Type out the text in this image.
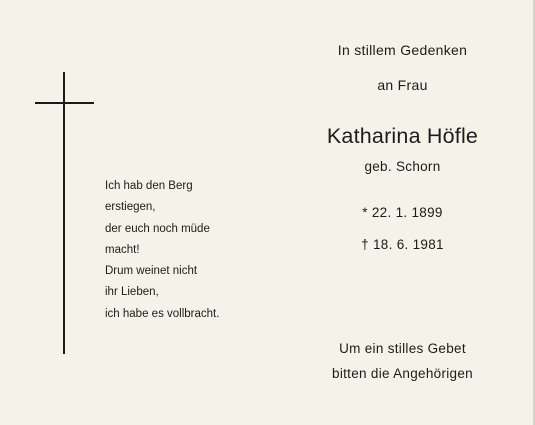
Ich hab den Berg
erstiegen,
der euch noch müde
macht!
Drum weinet nicht
ihr Lieben,
ich habe es vollbracht.
In stillem Gedenken
an Frau
Katharina Höfle
geb. Schorn
* 22. 1. 1899
† 18. 6. 1981
Um ein stilles Gebet
bitten die Angehörigen
